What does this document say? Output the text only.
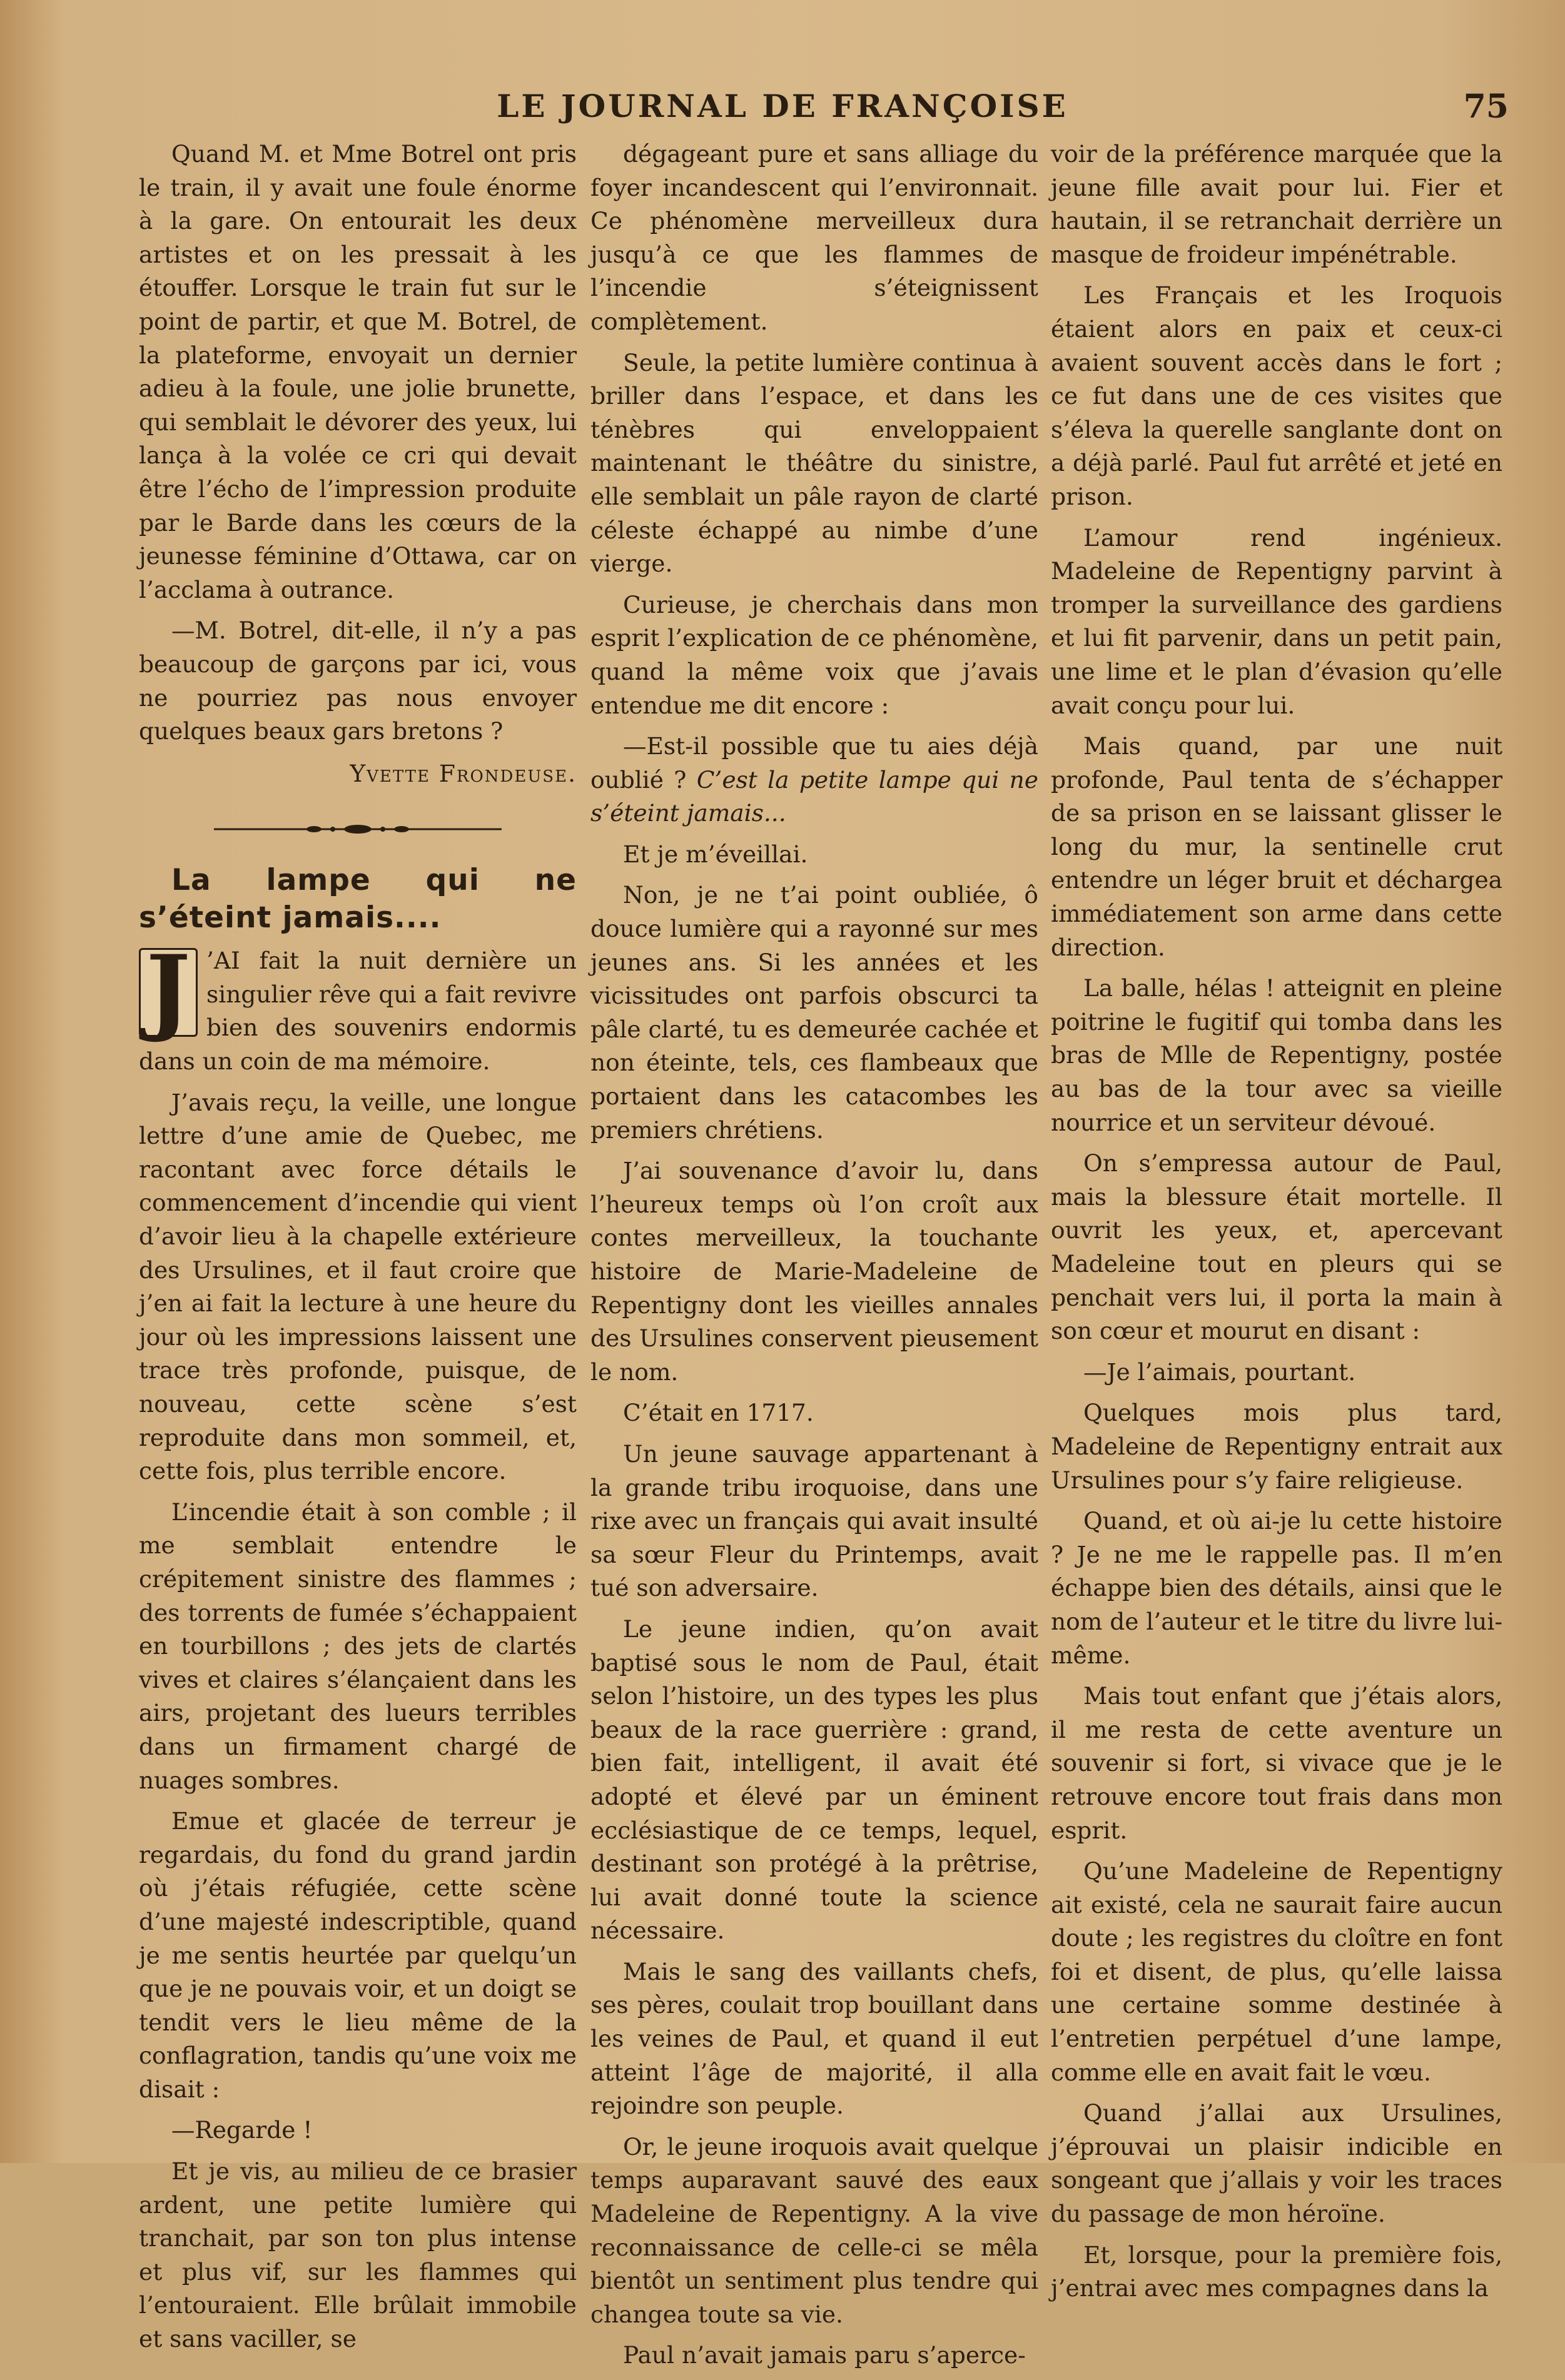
LE JOURNAL DE FRANÇOISE	75

Quand M. et Mme Botrel ont pris le train, il y avait une foule énorme à la gare. On entourait les deux artistes et on les pressait à les étouffer. Lorsque le train fut sur le point de partir, et que M. Botrel, de la plateforme, envoyait un dernier adieu à la foule, une jolie brunette, qui semblait le dévorer des yeux, lui lança à la volée ce cri qui devait être l’écho de l’impression produite par le Barde dans les cœurs de la jeunesse féminine d’Ottawa, car on l’acclama à outrance.

—M. Botrel, dit-elle, il n’y a pas beaucoup de garçons par ici, vous ne pourriez pas nous envoyer quelques beaux gars bretons ?

Yvette Frondeuse.

La lampe qui ne s’éteint jamais....

J ’AI fait la nuit dernière un singulier rêve qui a fait revivre bien des souvenirs endormis dans un coin de ma mémoire.

J’avais reçu, la veille, une longue lettre d’une amie de Quebec, me racontant avec force détails le commencement d’incendie qui vient d’avoir lieu à la chapelle extérieure des Ursulines, et il faut croire que j’en ai fait la lecture à une heure du jour où les impressions laissent une trace très profonde, puisque, de nouveau, cette scène s’est reproduite dans mon sommeil, et, cette fois, plus terrible encore.

L’incendie était à son comble ; il me semblait entendre le crépitement sinistre des flammes ; des torrents de fumée s’échappaient en tourbillons ; des jets de clartés vives et claires s’élançaient dans les airs, projetant des lueurs terribles dans un firmament chargé de nuages sombres.

Emue et glacée de terreur je regardais, du fond du grand jardin où j’étais réfugiée, cette scène d’une majesté indescriptible, quand je me sentis heurtée par quelqu’un que je ne pouvais voir, et un doigt se tendit vers le lieu même de la conflagration, tandis qu’une voix me disait :

—Regarde !

Et je vis, au milieu de ce brasier ardent, une petite lumière qui tranchait, par son ton plus intense et plus vif, sur les flammes qui l’entouraient. Elle brûlait immobile et sans vaciller, se

dégageant pure et sans alliage du foyer incandescent qui l’environnait. Ce phénomène merveilleux dura jusqu’à ce que les flammes de l’incendie s’éteignissent complètement.

Seule, la petite lumière continua à briller dans l’espace, et dans les ténèbres qui enveloppaient maintenant le théâtre du sinistre, elle semblait un pâle rayon de clarté céleste échappé au nimbe d’une vierge.

Curieuse, je cherchais dans mon esprit l’explication de ce phénomène, quand la même voix que j’avais entendue me dit encore :

—Est-il possible que tu aies déjà oublié ? C’est la petite lampe qui ne s’éteint jamais...

Et je m’éveillai.

Non, je ne t’ai point oubliée, ô douce lumière qui a rayonné sur mes jeunes ans. Si les années et les vicissitudes ont parfois obscurci ta pâle clarté, tu es demeurée cachée et non éteinte, tels, ces flambeaux que portaient dans les catacombes les premiers chrétiens.

J’ai souvenance d’avoir lu, dans l’heureux temps où l’on croît aux contes merveilleux, la touchante histoire de Marie-Madeleine de Repentigny dont les vieilles annales des Ursulines conservent pieusement le nom.

C’était en 1717.

Un jeune sauvage appartenant à la grande tribu iroquoise, dans une rixe avec un français qui avait insulté sa sœur Fleur du Printemps, avait tué son adversaire.

Le jeune indien, qu’on avait baptisé sous le nom de Paul, était selon l’histoire, un des types les plus beaux de la race guerrière : grand, bien fait, intelligent, il avait été adopté et élevé par un éminent ecclésiastique de ce temps, lequel, destinant son protégé à la prêtrise, lui avait donné toute la science nécessaire.

Mais le sang des vaillants chefs, ses pères, coulait trop bouillant dans les veines de Paul, et quand il eut atteint l’âge de majorité, il alla rejoindre son peuple.

Or, le jeune iroquois avait quelque temps auparavant sauvé des eaux Madeleine de Repentigny. A la vive reconnaissance de celle-ci se mêla bientôt un sentiment plus tendre qui changea toute sa vie.

Paul n’avait jamais paru s’aperce-

voir de la préférence marquée que la jeune fille avait pour lui. Fier et hautain, il se retranchait derrière un masque de froideur impénétrable.

Les Français et les Iroquois étaient alors en paix et ceux-ci avaient souvent accès dans le fort ; ce fut dans une de ces visites que s’éleva la querelle sanglante dont on a déjà parlé. Paul fut arrêté et jeté en prison.

L’amour rend ingénieux. Madeleine de Repentigny parvint à tromper la surveillance des gardiens et lui fit parvenir, dans un petit pain, une lime et le plan d’évasion qu’elle avait conçu pour lui.

Mais quand, par une nuit profonde, Paul tenta de s’échapper de sa prison en se laissant glisser le long du mur, la sentinelle crut entendre un léger bruit et déchargea immédiatement son arme dans cette direction.

La balle, hélas ! atteignit en pleine poitrine le fugitif qui tomba dans les bras de Mlle de Repentigny, postée au bas de la tour avec sa vieille nourrice et un serviteur dévoué.

On s’empressa autour de Paul, mais la blessure était mortelle. Il ouvrit les yeux, et, apercevant Madeleine tout en pleurs qui se penchait vers lui, il porta la main à son cœur et mourut en disant :

—Je l’aimais, pourtant.

Quelques mois plus tard, Madeleine de Repentigny entrait aux Ursulines pour s’y faire religieuse.

Quand, et où ai-je lu cette histoire ? Je ne me le rappelle pas. Il m’en échappe bien des détails, ainsi que le nom de l’auteur et le titre du livre lui-même.

Mais tout enfant que j’étais alors, il me resta de cette aventure un souvenir si fort, si vivace que je le retrouve encore tout frais dans mon esprit.

Qu’une Madeleine de Repentigny ait existé, cela ne saurait faire aucun doute ; les registres du cloître en font foi et disent, de plus, qu’elle laissa une certaine somme destinée à l’entretien perpétuel d’une lampe, comme elle en avait fait le vœu.

Quand j’allai aux Ursulines, j’éprouvai un plaisir indicible en songeant que j’allais y voir les traces du passage de mon héroïne.

Et, lorsque, pour la première fois, j’entrai avec mes compagnes dans la
